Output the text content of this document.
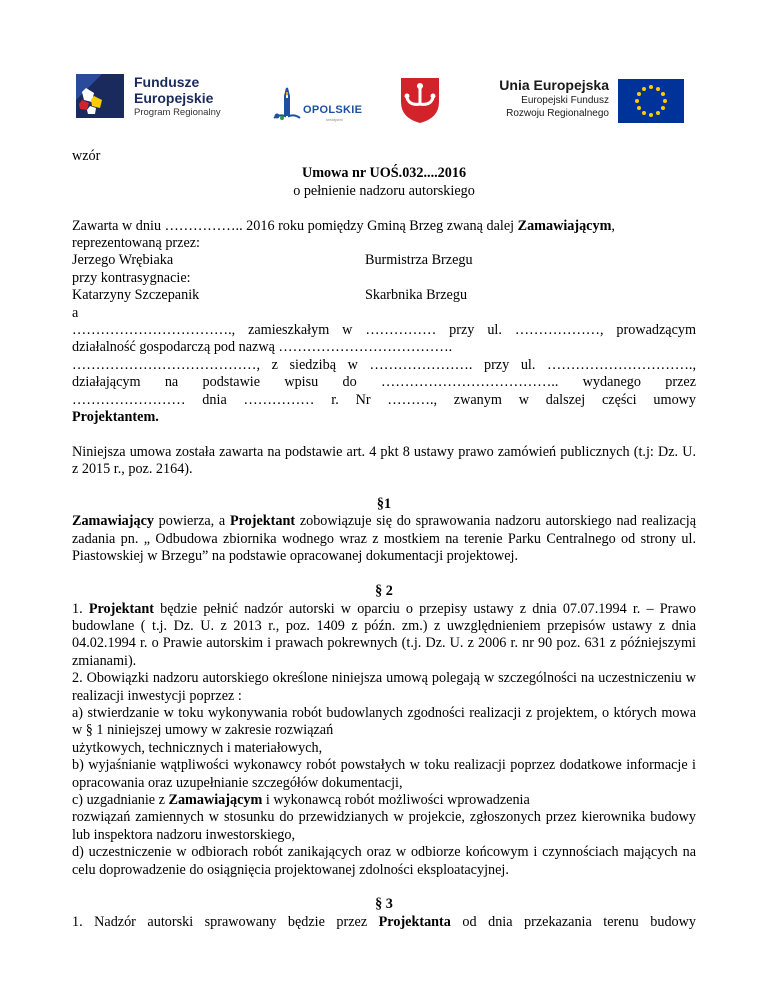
Fundusze
Europejskie
Program Regionalny	OPOLSKIE
kreatywni
Unia Europejska
Europejski Fundusz
Rozwoju Regionalnego

wzór

Umowa nr UOŚ.032....2016

o pełnienie nadzoru autorskiego

Zawarta w dniu …………….. 2016 roku pomiędzy Gminą Brzeg zwaną dalej Zamawiającym,

reprezentowaną przez:

Jerzego Wrębiaka	Burmistrza Brzegu

przy kontrasygnacie:

Katarzyny Szczepanik	Skarbnika Brzegu

a

……………………………., zamieszkałym w …………… przy ul. ………………, prowadzącym

działalność gospodarczą pod nazwą ……………………………….

…………………………………, z siedzibą w …………………. przy ul. ………………………….,

działającym na podstawie wpisu do ……………………………….. wydanego przez

…………………… dnia …………… r. Nr ………., zwanym w dalszej części umowy

Projektantem.

Niniejsza umowa została zawarta na podstawie art. 4 pkt 8 ustawy prawo zamówień publicznych (t.j: Dz. U. z 2015 r., poz. 2164).

§1

Zamawiający powierza, a Projektant zobowiązuje się do sprawowania nadzoru autorskiego nad realizacją zadania pn. „ Odbudowa zbiornika wodnego wraz z mostkiem na terenie Parku Centralnego od strony ul. Piastowskiej w Brzegu” na podstawie opracowanej dokumentacji projektowej.

§ 2

1. Projektant będzie pełnić nadzór autorski w oparciu o przepisy ustawy z dnia 07.07.1994 r. – Prawo budowlane ( t.j. Dz. U. z 2013 r., poz. 1409 z późn. zm.) z uwzględnieniem przepisów ustawy z dnia 04.02.1994 r. o Prawie autorskim i prawach pokrewnych (t.j. Dz. U. z 2006 r. nr 90 poz. 631 z późniejszymi zmianami).

2. Obowiązki nadzoru autorskiego określone niniejsza umową polegają w szczególności na uczestniczeniu w realizacji inwestycji poprzez :

a) stwierdzanie w toku wykonywania robót budowlanych zgodności realizacji z projektem, o których mowa w § 1 niniejszej umowy w zakresie rozwiązań

użytkowych, technicznych i materiałowych,

b) wyjaśnianie wątpliwości wykonawcy robót powstałych w toku realizacji poprzez dodatkowe informacje i opracowania oraz uzupełnianie szczegółów dokumentacji,

c) uzgadnianie z Zamawiającym i wykonawcą robót możliwości wprowadzenia

rozwiązań zamiennych w stosunku do przewidzianych w projekcie, zgłoszonych przez kierownika budowy lub inspektora nadzoru inwestorskiego,

d) uczestniczenie w odbiorach robót zanikających oraz w odbiorze końcowym i czynnościach mających na celu doprowadzenie do osiągnięcia projektowanej zdolności eksploatacyjnej.

§ 3

1. Nadzór autorski sprawowany będzie przez Projektanta od dnia przekazania terenu budowy
